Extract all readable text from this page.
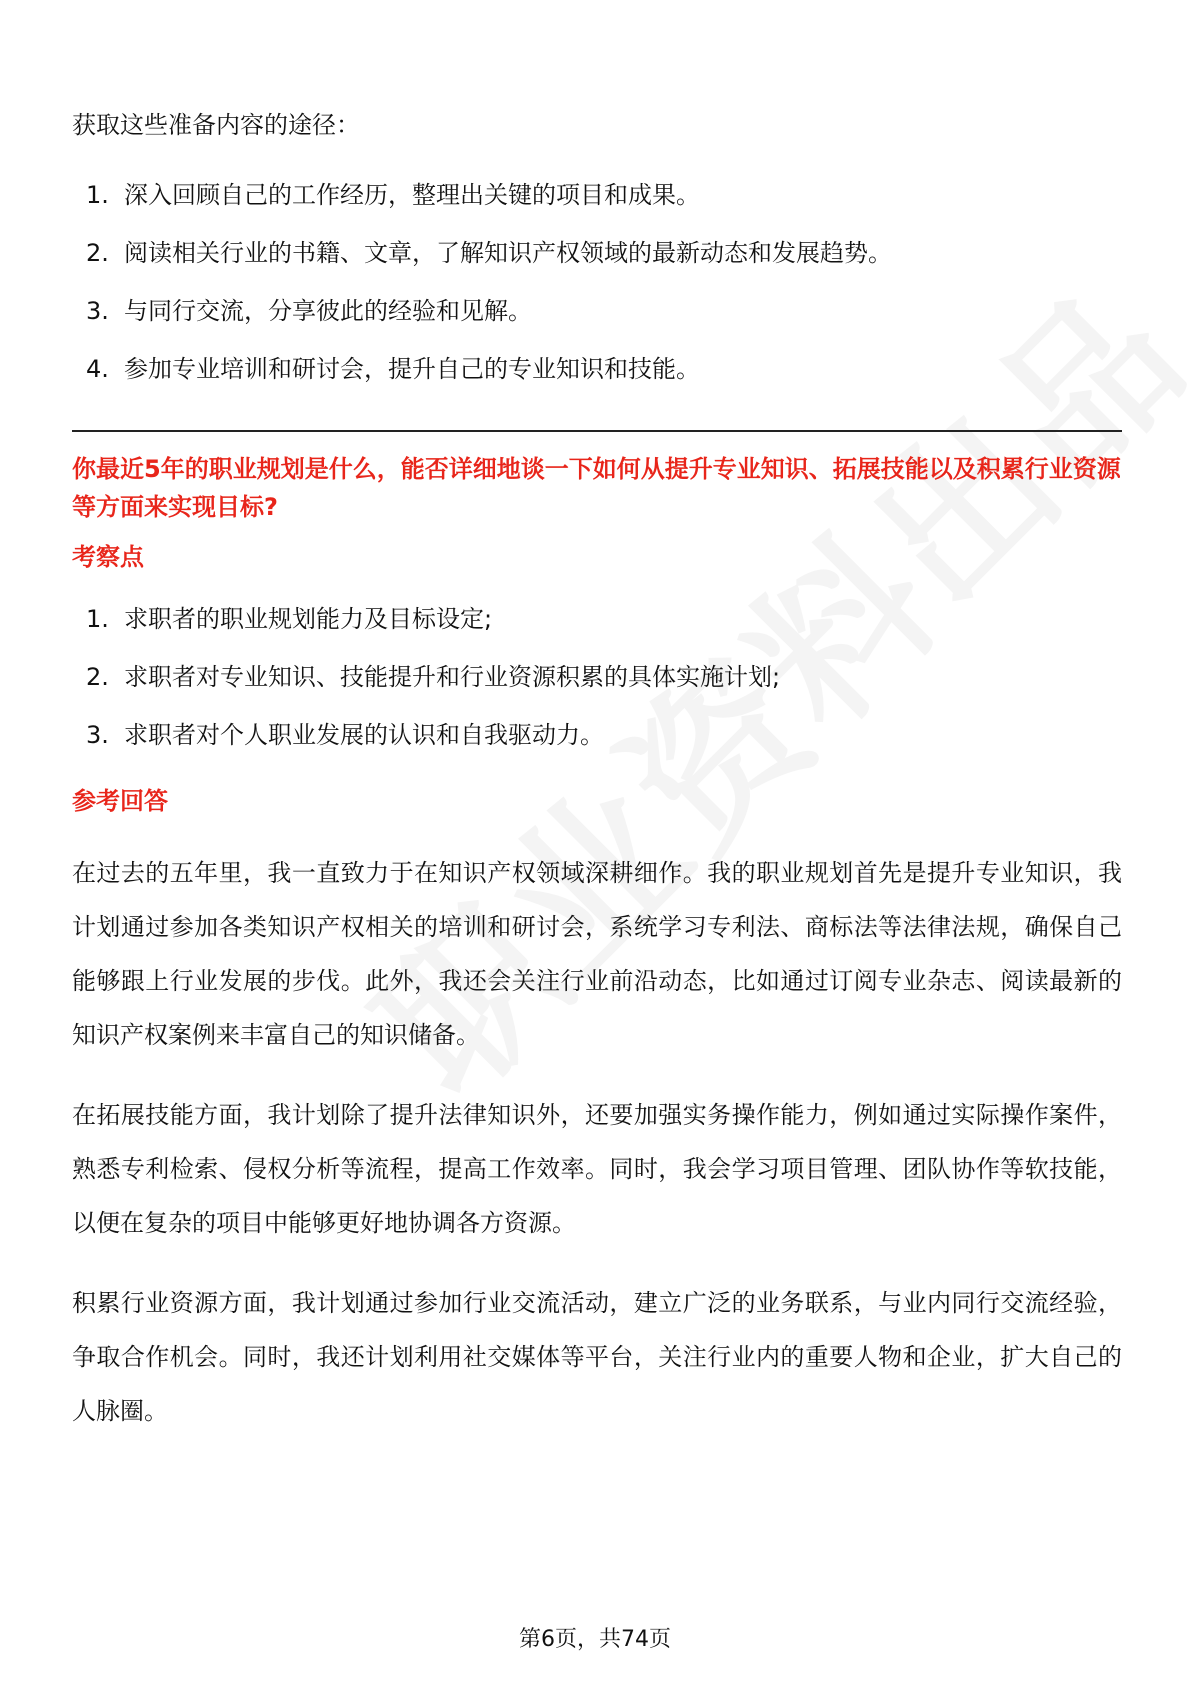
获取这些准备内容的途径：

1. 深入回顾自己的工作经历，整理出关键的项目和成果。
2. 阅读相关行业的书籍、文章，了解知识产权领域的最新动态和发展趋势。
3. 与同行交流，分享彼此的经验和见解。
4. 参加专业培训和研讨会，提升自己的专业知识和技能。
你最近5年的职业规划是什么，能否详细地谈一下如何从提升专业知识、拓展技能以及积累行业资源等方面来实现目标?
考察点
1. 求职者的职业规划能力及目标设定;
2. 求职者对专业知识、技能提升和行业资源积累的具体实施计划;
3. 求职者对个人职业发展的认识和自我驱动力。
参考回答

在过去的五年里，我一直致力于在知识产权领域深耕细作。我的职业规划首先是提升专业知识，我计划通过参加各类知识产权相关的培训和研讨会，系统学习专利法、商标法等法律法规，确保自己能够跟上行业发展的步伐。此外，我还会关注行业前沿动态，比如通过订阅专业杂志、阅读最新的知识产权案例来丰富自己的知识储备。

在拓展技能方面，我计划除了提升法律知识外，还要加强实务操作能力，例如通过实际操作案件，熟悉专利检索、侵权分析等流程，提高工作效率。同时，我会学习项目管理、团队协作等软技能，以便在复杂的项目中能够更好地协调各方资源。

积累行业资源方面，我计划通过参加行业交流活动，建立广泛的业务联系，与业内同行交流经验，争取合作机会。同时，我还计划利用社交媒体等平台，关注行业内的重要人物和企业，扩大自己的人脉圈。

第6页，共74页
